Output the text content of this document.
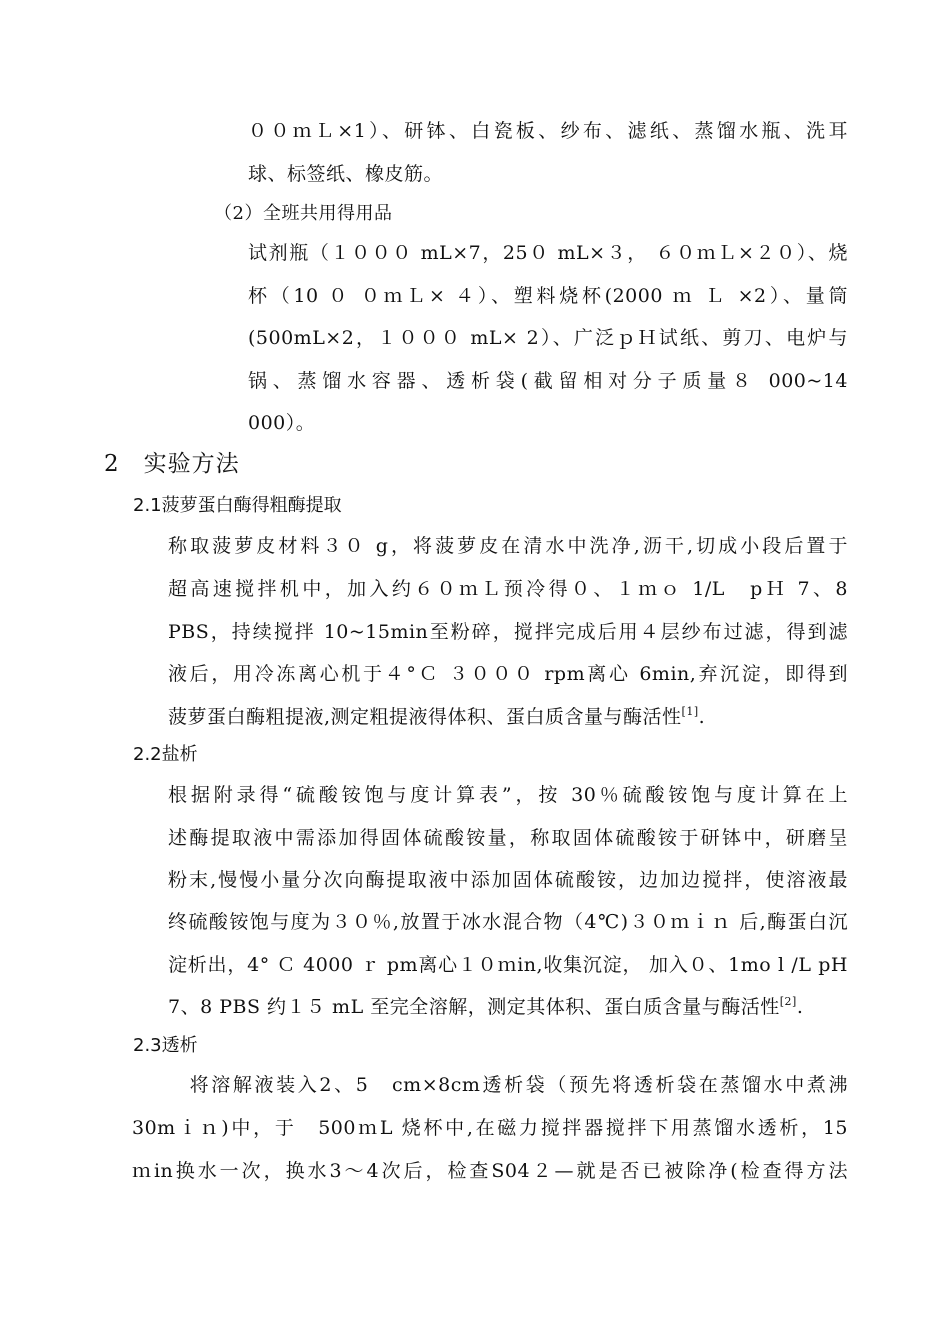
００ｍＬ×1）、研钵、白瓷板、纱布、滤纸、蒸馏水瓶、洗耳
球、标签纸、橡皮筋。
（2）全班共用得用品
试剂瓶（１０００ mL×7，25０ mL×３， ６０ｍＬ×２０）、烧
杯（10 ０ ０ｍＬ× ４）、塑料烧杯(2000 ｍ Ｌ ×2）、量筒
(500mL×2，１０００ mL× 2）、广泛ｐＨ试纸、剪刀、电炉与
锅、蒸馏水容器、透析袋(截留相对分子质量８ 000~14
000）。
2　实验方法
2.1菠萝蛋白酶得粗酶提取
称取菠萝皮材料３０ g，将菠萝皮在清水中洗净,沥干,切成小段后置于
超高速搅拌机中，加入约６０ｍＬ预冷得０、１ｍｏ 1/L　pＨ 7、8
PBS，持续搅拌 10~15min至粉碎，搅拌完成后用４层纱布过滤，得到滤
液后，用冷冻离心机于４°Ｃ ３０００ rpm离心 6min,弃沉淀，即得到
菠萝蛋白酶粗提液,测定粗提液得体积、蛋白质含量与酶活性[1].
2.2盐析
根据附录得“硫酸铵饱与度计算表”，按 30％硫酸铵饱与度计算在上
述酶提取液中需添加得固体硫酸铵量，称取固体硫酸铵于研钵中，研磨呈
粉末,慢慢小量分次向酶提取液中添加固体硫酸铵，边加边搅拌，使溶液最
终硫酸铵饱与度为３０％,放置于冰水混合物（4℃)３０ｍｉｎ 后,酶蛋白沉
淀析出，4° Ｃ 4000 ｒ pm离心１０ｍin,收集沉淀， 加入０、1mo l /L pH
7、8 PBS 约１５ mL 至完全溶解，测定其体积、蛋白质含量与酶活性[2].
2.3透析
　将溶解液装入2、5　cm×8cm透析袋（预先将透析袋在蒸馏水中煮沸
30mｉｎ)中，于　500ｍL 烧杯中,在磁力搅拌器搅拌下用蒸馏水透析，15
ｍin换水一次，换水3～4次后，检查S04２—就是否已被除净(检查得方法
